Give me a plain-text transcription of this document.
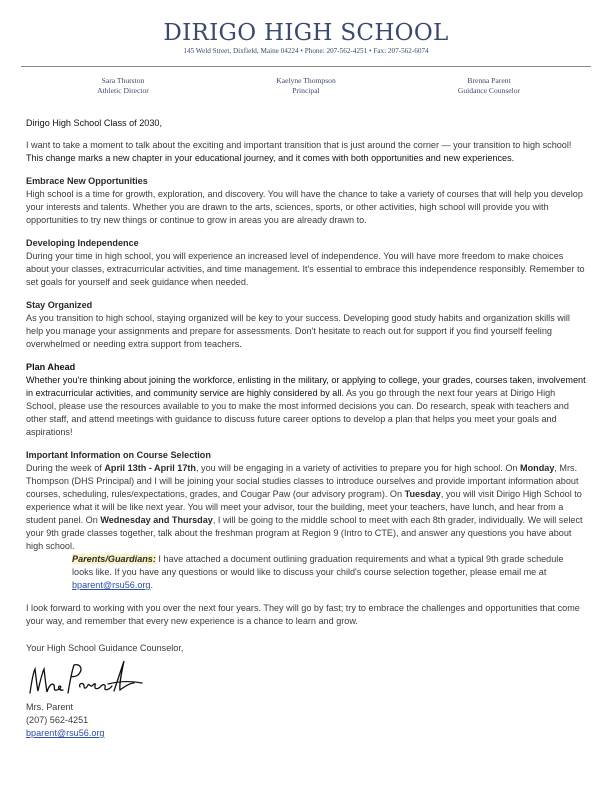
DIRIGO HIGH SCHOOL
145 Weld Street, Dixfield, Maine 04224 • Phone: 207-562-4251 • Fax: 207-562-6074
Sara Thurston
Athletic Director
Kaelyne Thompson
Principal
Brenna Parent
Guidance Counselor

Dirigo High School Class of 2030,

I want to take a moment to talk about the exciting and important transition that is just around the corner — your transition to high school! This change marks a new chapter in your educational journey, and it comes with both opportunities and new experiences.

Embrace New Opportunities
High school is a time for growth, exploration, and discovery. You will have the chance to take a variety of courses that will help you develop your interests and talents. Whether you are drawn to the arts, sciences, sports, or other activities, high school will provide you with opportunities to try new things or continue to grow in areas you are already drawn to.

Developing Independence
During your time in high school, you will experience an increased level of independence. You will have more freedom to make choices about your classes, extracurricular activities, and time management. It's essential to embrace this independence responsibly. Remember to set goals for yourself and seek guidance when needed.

Stay Organized
As you transition to high school, staying organized will be key to your success. Developing good study habits and organization skills will help you manage your assignments and prepare for assessments. Don't hesitate to reach out for support if you find yourself feeling overwhelmed or needing extra support from teachers.

Plan Ahead
Whether you're thinking about joining the workforce, enlisting in the military, or applying to college, your grades, courses taken, involvement in extracurricular activities, and community service are highly considered by all. As you go through the next four years at Dirigo High School, please use the resources available to you to make the most informed decisions you can. Do research, speak with teachers and other staff, and attend meetings with guidance to discuss future career options to develop a plan that helps you meet your goals and aspirations!

Important Information on Course Selection
During the week of April 13th - April 17th, you will be engaging in a variety of activities to prepare you for high school. On Monday, Mrs. Thompson (DHS Principal) and I will be joining your social studies classes to introduce ourselves and provide important information about courses, scheduling, rules/expectations, grades, and Cougar Paw (our advisory program). On Tuesday, you will visit Dirigo High School to experience what it will be like next year. You will meet your advisor, tour the building, meet your teachers, have lunch, and hear from a student panel. On Wednesday and Thursday, I will be going to the middle school to meet with each 8th grader, individually. We will select your 9th grade classes together, talk about the freshman program at Region 9 (Intro to CTE), and answer any questions you have about high school.

Parents/Guardians: I have attached a document outlining graduation requirements and what a typical 9th grade schedule looks like. If you have any questions or would like to discuss your child's course selection together, please email me at bparent@rsu56.org.

I look forward to working with you over the next four years. They will go by fast; try to embrace the challenges and opportunities that come your way, and remember that every new experience is a chance to learn and grow.

Your High School Guidance Counselor,

Mrs. Parent
(207) 562-4251
bparent@rsu56.org
